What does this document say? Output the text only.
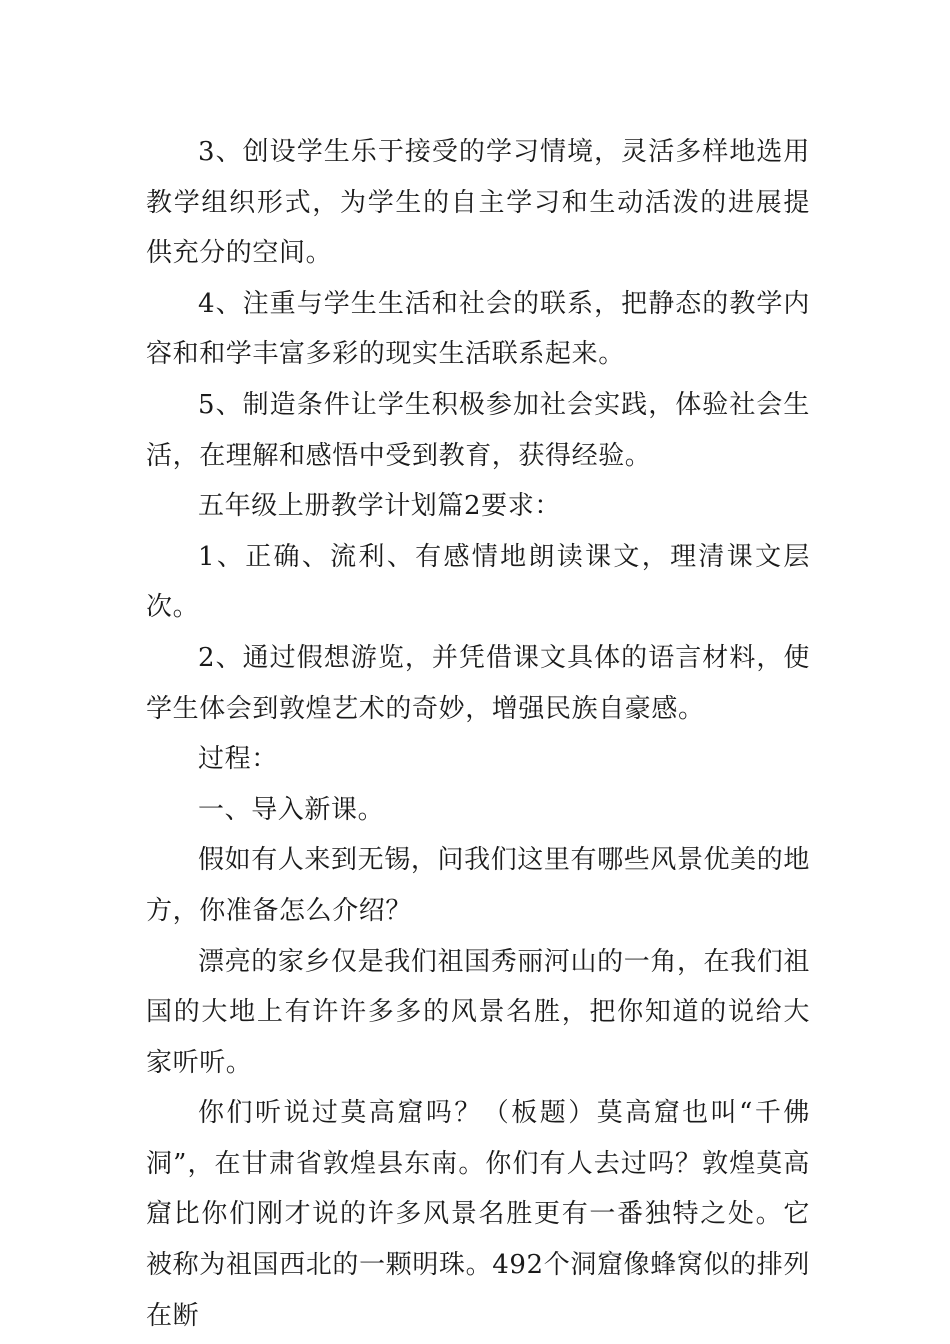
3、创设学生乐于接受的学习情境，灵活多样地选用教学组织形式，为学生的自主学习和生动活泼的进展提供充分的空间。

4、注重与学生生活和社会的联系，把静态的教学内容和和学丰富多彩的现实生活联系起来。

5、制造条件让学生积极参加社会实践，体验社会生活，在理解和感悟中受到教育，获得经验。

五年级上册教学计划篇2要求：

1、正确、流利、有感情地朗读课文，理清课文层次。

2、通过假想游览，并凭借课文具体的语言材料，使学生体会到敦煌艺术的奇妙，增强民族自豪感。

过程：

一、导入新课。

假如有人来到无锡，问我们这里有哪些风景优美的地方，你准备怎么介绍？

漂亮的家乡仅是我们祖国秀丽河山的一角，在我们祖国的大地上有许许多多的风景名胜，把你知道的说给大家听听。

你们听说过莫高窟吗？（板题）莫高窟也叫“千佛洞”，在甘肃省敦煌县东南。你们有人去过吗？敦煌莫高窟比你们刚才说的许多风景名胜更有一番独特之处。它被称为祖国西北的一颗明珠。492个洞窟像蜂窝似的排列在断
